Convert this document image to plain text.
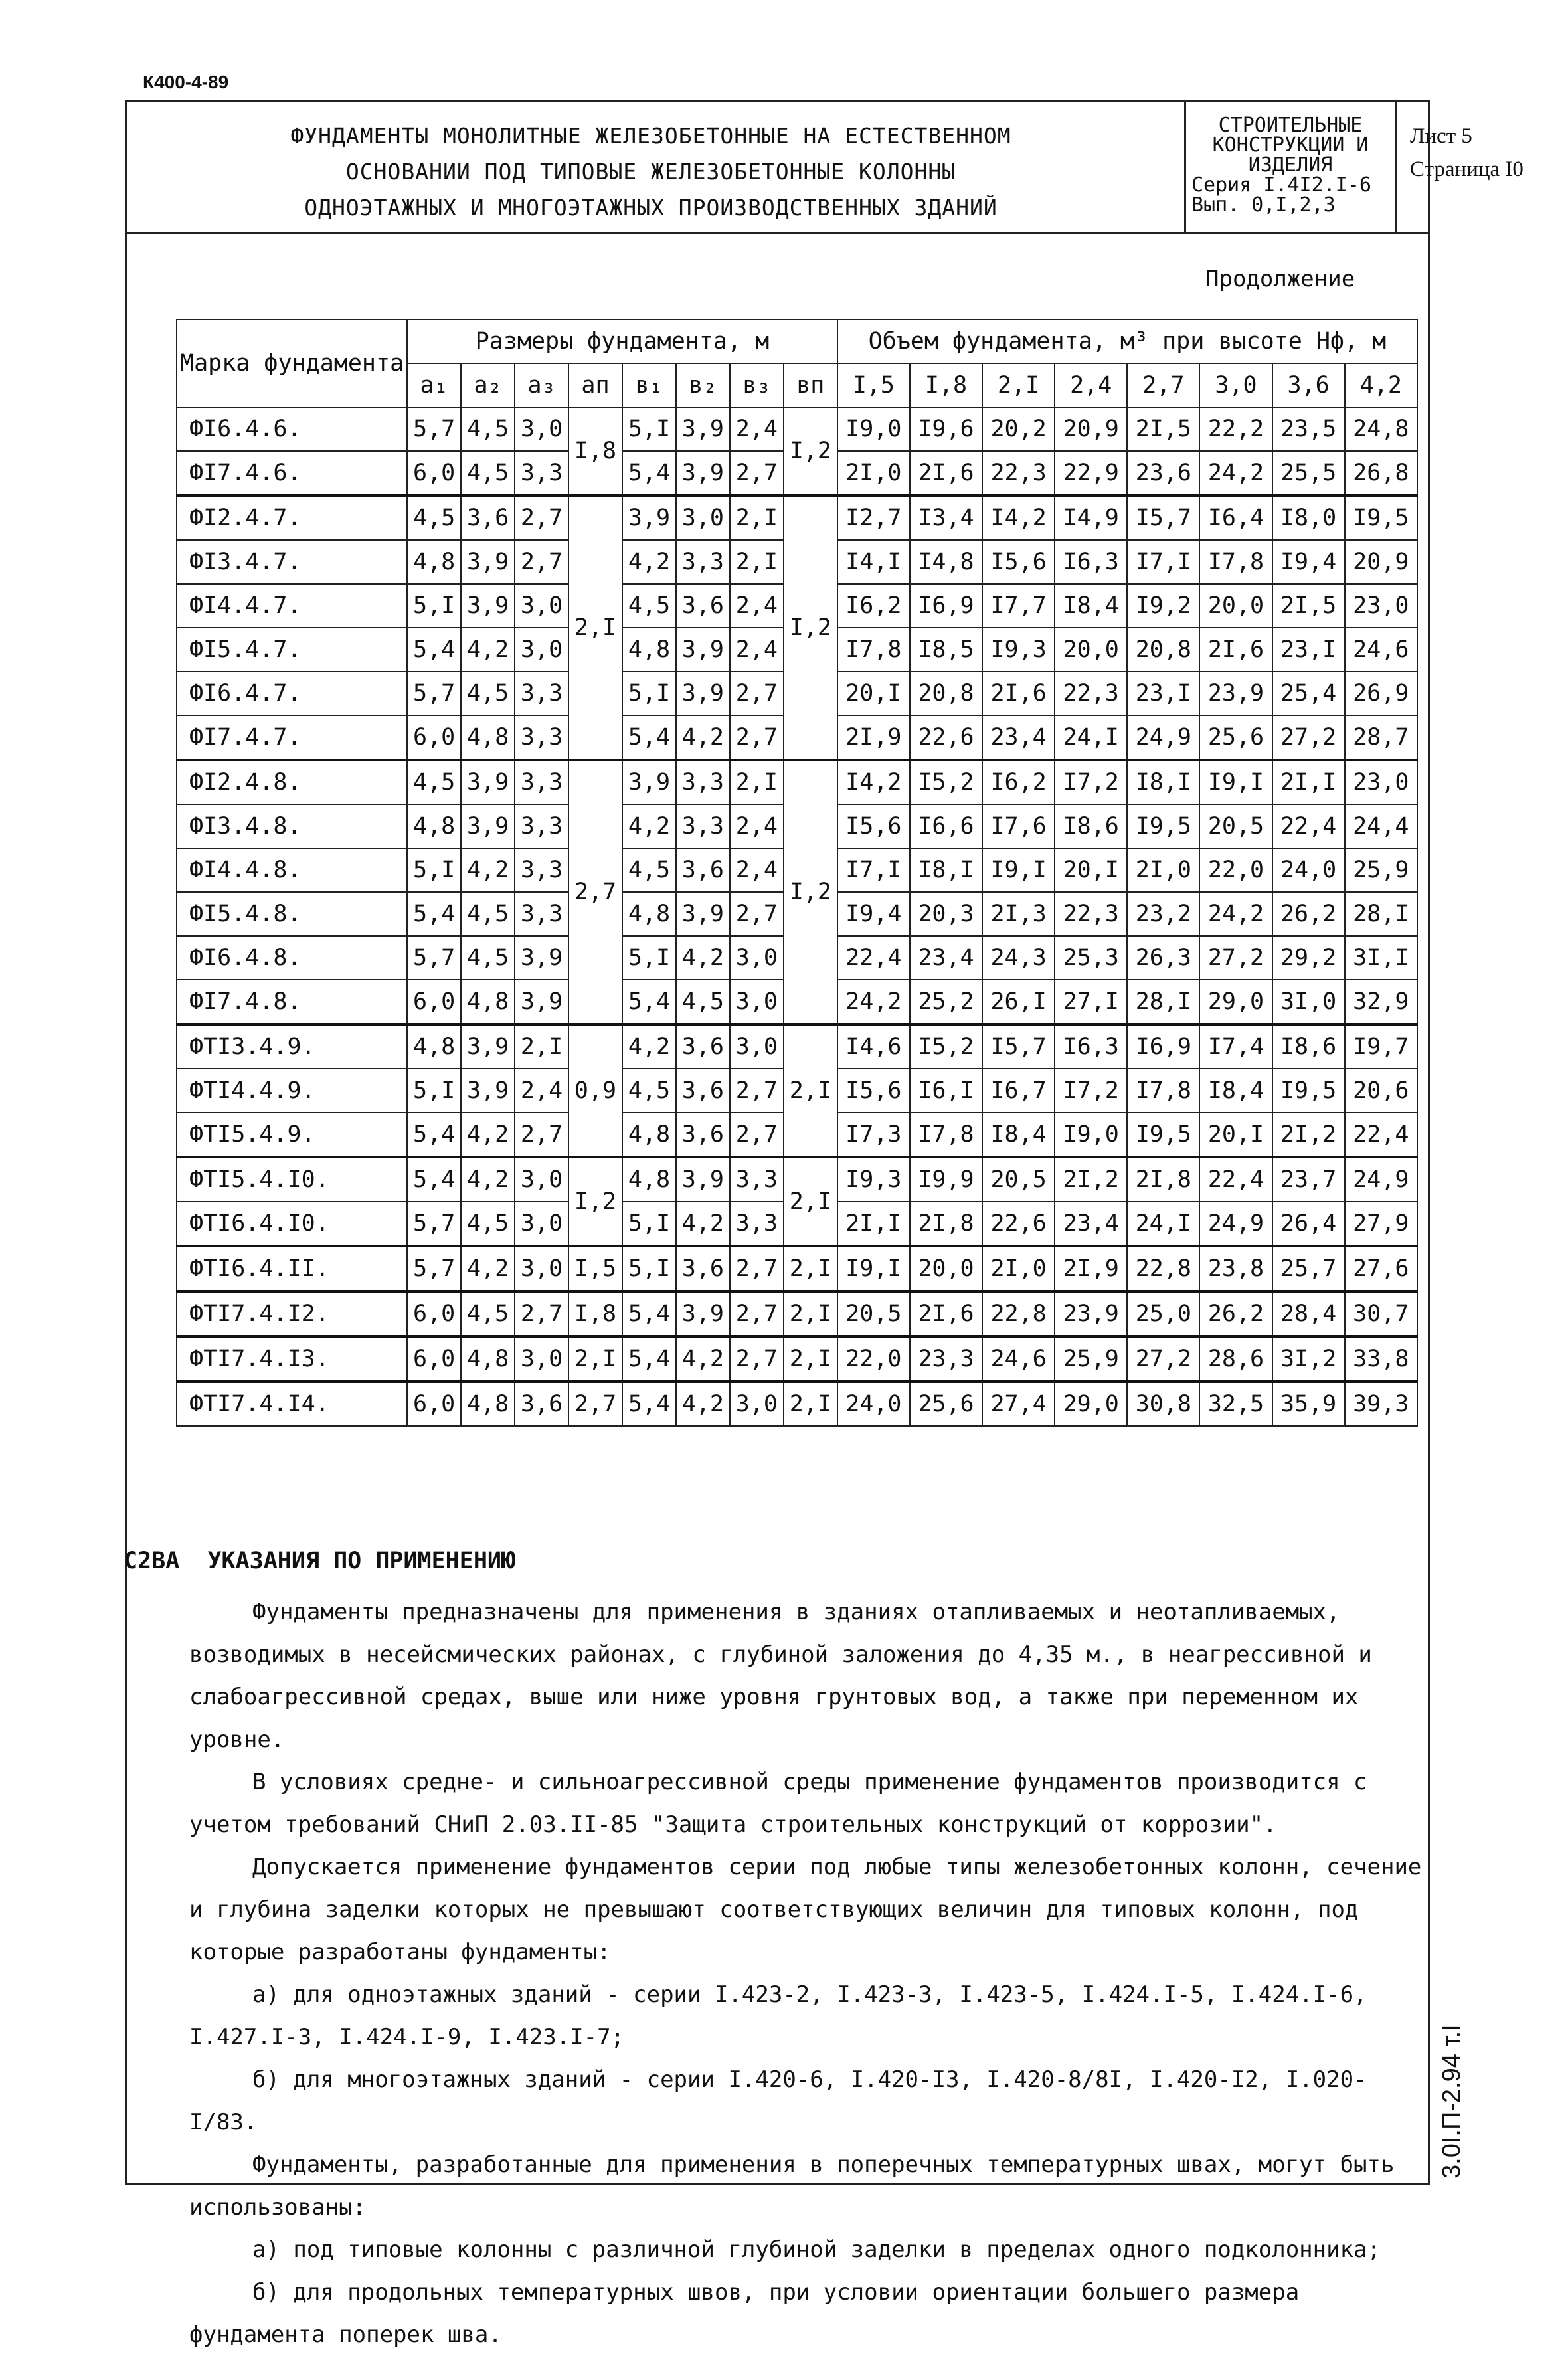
К400-4-89
ФУНДАМЕНТЫ МОНОЛИТНЫЕ ЖЕЛЕЗОБЕТОННЫЕ НА ЕСТЕСТВЕННОМ
ОСНОВАНИИ ПОД ТИПОВЫЕ ЖЕЛЕЗОБЕТОННЫЕ КОЛОННЫ
ОДНОЭТАЖНЫХ И МНОГОЭТАЖНЫХ ПРОИЗВОДСТВЕННЫХ ЗДАНИЙ
СТРОИТЕЛЬНЫЕ
КОНСТРУКЦИИ И
ИЗДЕЛИЯ
Серия I.4I2.I-6
Вып. 0,I,2,3
Лист 5
Страница I0
Продолжение
Марка фундамента	Размеры фундамента, м								Объем фундамента, м³ при высоте Нф, м							
	a₁	a₂	a₃	aп	в₁	в₂	в₃	вп	I,5	I,8	2,I	2,4	2,7	3,0	3,6	4,2
ФI6.4.6.	5,7	4,5	3,0	I,8	5,I	3,9	2,4	I,2	I9,0	I9,6	20,2	20,9	2I,5	22,2	23,5	24,8
ФI7.4.6.	6,0	4,5	3,3		5,4	3,9	2,7		2I,0	2I,6	22,3	22,9	23,6	24,2	25,5	26,8
ФI2.4.7.	4,5	3,6	2,7	2,I	3,9	3,0	2,I	I,2	I2,7	I3,4	I4,2	I4,9	I5,7	I6,4	I8,0	I9,5
ФI3.4.7.	4,8	3,9	2,7		4,2	3,3	2,I		I4,I	I4,8	I5,6	I6,3	I7,I	I7,8	I9,4	20,9
ФI4.4.7.	5,I	3,9	3,0		4,5	3,6	2,4		I6,2	I6,9	I7,7	I8,4	I9,2	20,0	2I,5	23,0
ФI5.4.7.	5,4	4,2	3,0		4,8	3,9	2,4		I7,8	I8,5	I9,3	20,0	20,8	2I,6	23,I	24,6
ФI6.4.7.	5,7	4,5	3,3		5,I	3,9	2,7		20,I	20,8	2I,6	22,3	23,I	23,9	25,4	26,9
ФI7.4.7.	6,0	4,8	3,3		5,4	4,2	2,7		2I,9	22,6	23,4	24,I	24,9	25,6	27,2	28,7
ФI2.4.8.	4,5	3,9	3,3	2,7	3,9	3,3	2,I	I,2	I4,2	I5,2	I6,2	I7,2	I8,I	I9,I	2I,I	23,0
ФI3.4.8.	4,8	3,9	3,3		4,2	3,3	2,4		I5,6	I6,6	I7,6	I8,6	I9,5	20,5	22,4	24,4
ФI4.4.8.	5,I	4,2	3,3		4,5	3,6	2,4		I7,I	I8,I	I9,I	20,I	2I,0	22,0	24,0	25,9
ФI5.4.8.	5,4	4,5	3,3		4,8	3,9	2,7		I9,4	20,3	2I,3	22,3	23,2	24,2	26,2	28,I
ФI6.4.8.	5,7	4,5	3,9		5,I	4,2	3,0		22,4	23,4	24,3	25,3	26,3	27,2	29,2	3I,I
ФI7.4.8.	6,0	4,8	3,9		5,4	4,5	3,0		24,2	25,2	26,I	27,I	28,I	29,0	3I,0	32,9
ФТI3.4.9.	4,8	3,9	2,I	0,9	4,2	3,6	3,0	2,I	I4,6	I5,2	I5,7	I6,3	I6,9	I7,4	I8,6	I9,7
ФТI4.4.9.	5,I	3,9	2,4		4,5	3,6	2,7		I5,6	I6,I	I6,7	I7,2	I7,8	I8,4	I9,5	20,6
ФТI5.4.9.	5,4	4,2	2,7		4,8	3,6	2,7		I7,3	I7,8	I8,4	I9,0	I9,5	20,I	2I,2	22,4
ФТI5.4.I0.	5,4	4,2	3,0	I,2	4,8	3,9	3,3	2,I	I9,3	I9,9	20,5	2I,2	2I,8	22,4	23,7	24,9
ФТI6.4.I0.	5,7	4,5	3,0		5,I	4,2	3,3		2I,I	2I,8	22,6	23,4	24,I	24,9	26,4	27,9
ФТI6.4.II.	5,7	4,2	3,0	I,5	5,I	3,6	2,7	2,I	I9,I	20,0	2I,0	2I,9	22,8	23,8	25,7	27,6
ФТI7.4.I2.	6,0	4,5	2,7	I,8	5,4	3,9	2,7	2,I	20,5	2I,6	22,8	23,9	25,0	26,2	28,4	30,7
ФТI7.4.I3.	6,0	4,8	3,0	2,I	5,4	4,2	2,7	2,I	22,0	23,3	24,6	25,9	27,2	28,6	3I,2	33,8
ФТI7.4.I4.	6,0	4,8	3,6	2,7	5,4	4,2	3,0	2,I	24,0	25,6	27,4	29,0	30,8	32,5	35,9	39,3
С2ВА УКАЗАНИЯ ПО ПРИМЕНЕНИЮ

Фундаменты предназначены для применения в зданиях отапливаемых и неотапливаемых, возводимых в несейсмических районах, с глубиной заложения до 4,35 м., в неагрессивной и слабоагрессивной средах, выше или ниже уровня грунтовых вод, а также при переменном их уровне.

В условиях средне- и сильноагрессивной среды применение фундаментов производится с учетом требований СНиП 2.03.II-85 "Защита строительных конструкций от коррозии".

Допускается применение фундаментов серии под любые типы железобетонных колонн, сечение и глубина заделки которых не превышают соответствующих величин для типовых колонн, под которые разработаны фундаменты:

а) для одноэтажных зданий - серии I.423-2, I.423-3, I.423-5, I.424.I-5, I.424.I-6, I.427.I-3, I.424.I-9, I.423.I-7;

б) для многоэтажных зданий - серии I.420-6, I.420-I3, I.420-8/8I, I.420-I2, I.020-I/83.

Фундаменты, разработанные для применения в поперечных температурных швах, могут быть использованы:

а) под типовые колонны с различной глубиной заделки в пределах одного подколонника;

б) для продольных температурных швов, при условии ориентации большего размера фундамента поперек шва.

3.0I.П-2.94 т.I
